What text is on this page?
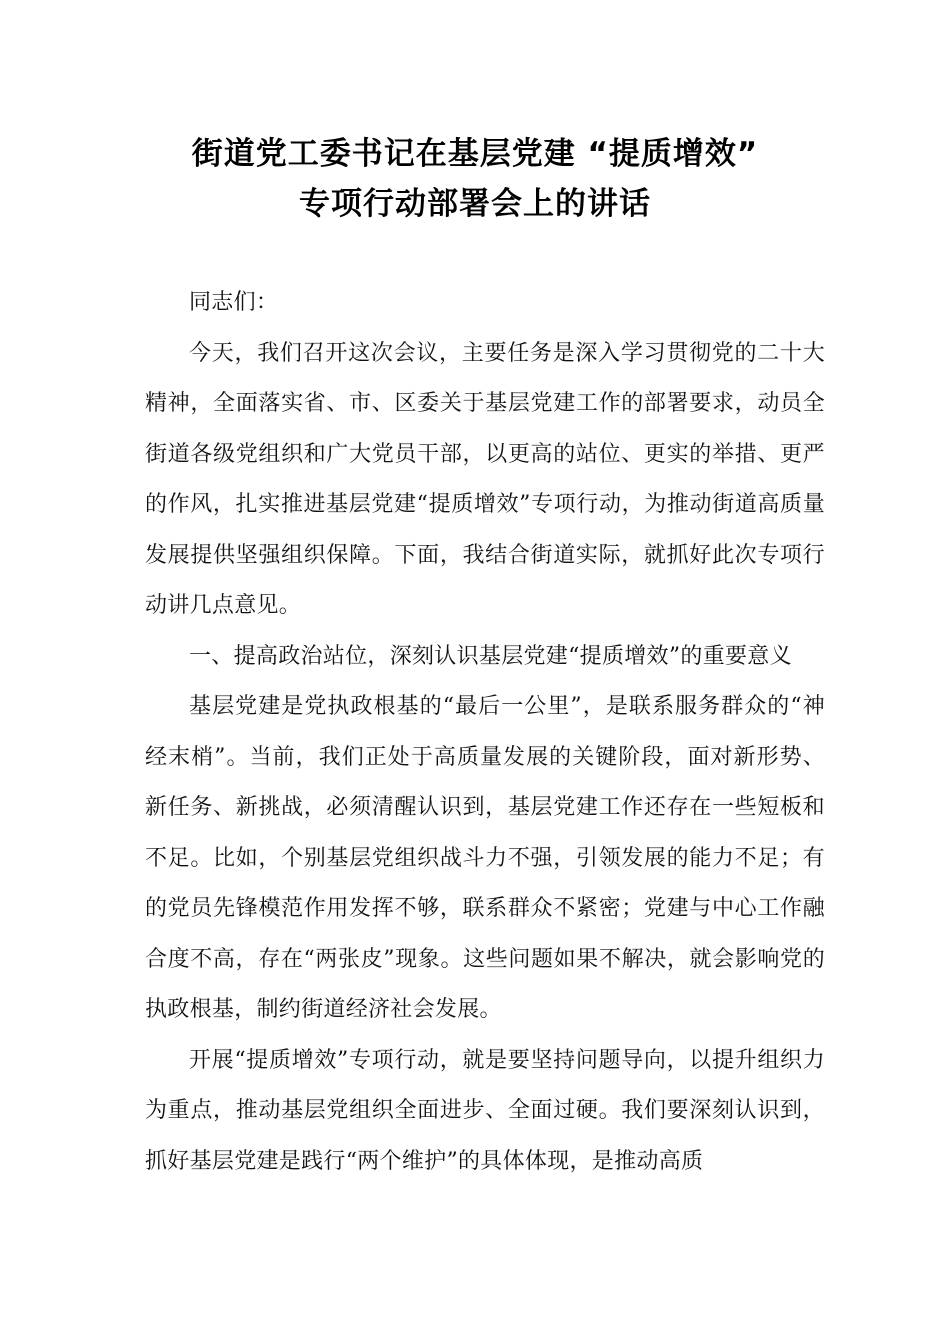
街道党工委书记在基层党建 “提质增效”
专项行动部署会上的讲话

同志们：

今天，我们召开这次会议，主要任务是深入学习贯彻党的二十大精神，全面落实省、市、区委关于基层党建工作的部署要求，动员全街道各级党组织和广大党员干部，以更高的站位、更实的举措、更严的作风，扎实推进基层党建“提质增效”专项行动，为推动街道高质量发展提供坚强组织保障。下面，我结合街道实际，就抓好此次专项行动讲几点意见。

一、提高政治站位，深刻认识基层党建“提质增效”的重要意义

基层党建是党执政根基的“最后一公里”，是联系服务群众的“神经末梢”。当前，我们正处于高质量发展的关键阶段，面对新形势、新任务、新挑战，必须清醒认识到，基层党建工作还存在一些短板和不足。比如，个别基层党组织战斗力不强，引领发展的能力不足；有的党员先锋模范作用发挥不够，联系群众不紧密；党建与中心工作融合度不高，存在“两张皮”现象。这些问题如果不解决，就会影响党的执政根基，制约街道经济社会发展。

开展“提质增效”专项行动，就是要坚持问题导向，以提升组织力为重点，推动基层党组织全面进步、全面过硬。我们要深刻认识到，抓好基层党建是践行“两个维护”的具体体现，是推动高质
